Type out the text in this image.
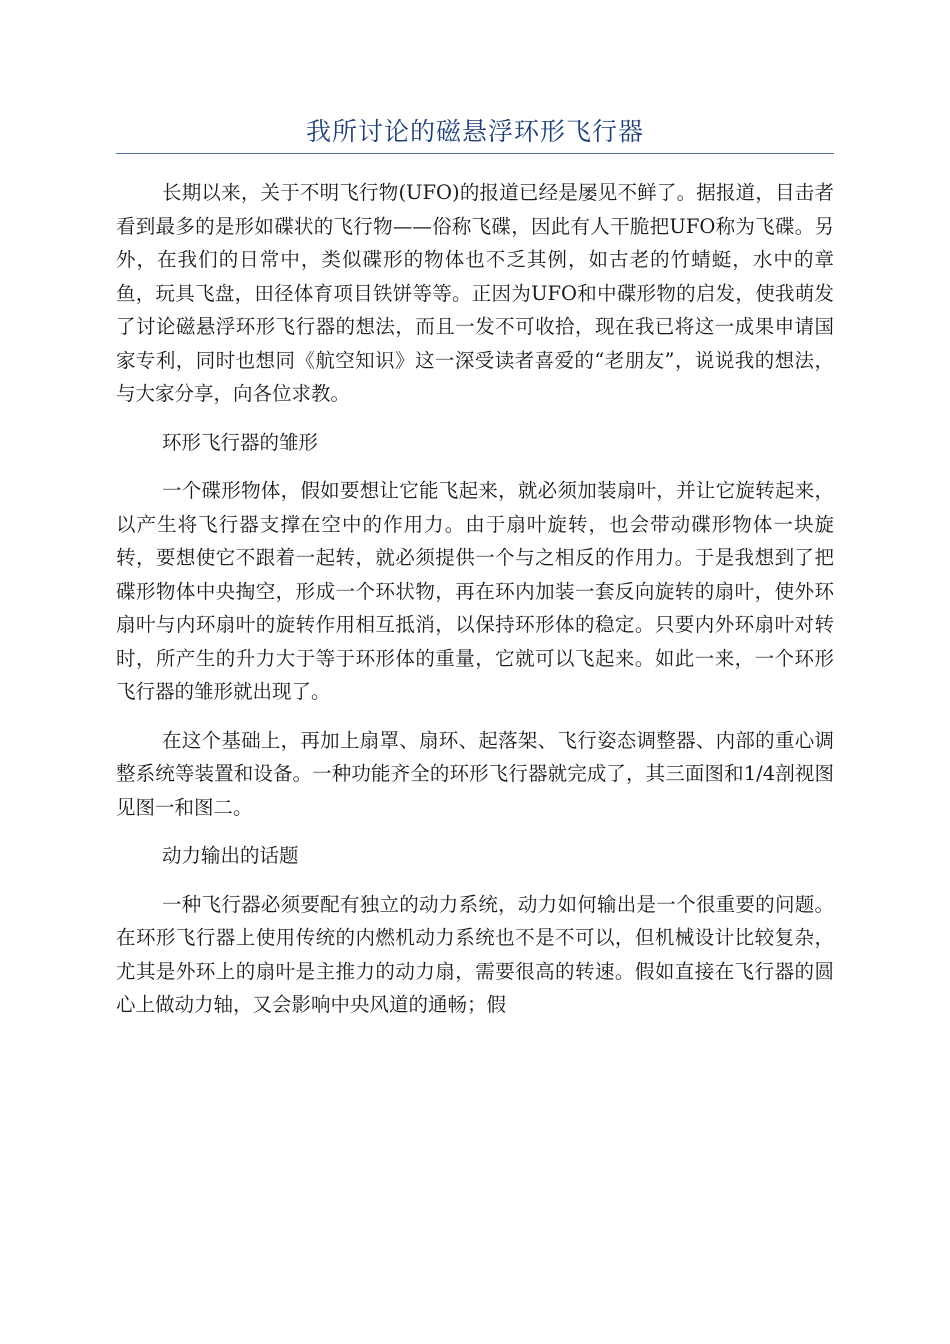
我所讨论的磁悬浮环形飞行器

长期以来，关于不明飞行物(UFO)的报道已经是屡见不鲜了。据报道，目击者看到最多的是形如碟状的飞行物——俗称飞碟，因此有人干脆把UFO称为飞碟。另外，在我们的日常中，类似碟形的物体也不乏其例，如古老的竹蜻蜓，水中的章鱼，玩具飞盘，田径体育项目铁饼等等。正因为UFO和中碟形物的启发，使我萌发了讨论磁悬浮环形飞行器的想法，而且一发不可收拾，现在我已将这一成果申请国家专利，同时也想同《航空知识》这一深受读者喜爱的“老朋友”，说说我的想法，与大家分享，向各位求教。

环形飞行器的雏形

一个碟形物体，假如要想让它能飞起来，就必须加装扇叶，并让它旋转起来，以产生将飞行器支撑在空中的作用力。由于扇叶旋转，也会带动碟形物体一块旋转，要想使它不跟着一起转，就必须提供一个与之相反的作用力。于是我想到了把碟形物体中央掏空，形成一个环状物，再在环内加装一套反向旋转的扇叶，使外环扇叶与内环扇叶的旋转作用相互抵消，以保持环形体的稳定。只要内外环扇叶对转时，所产生的升力大于等于环形体的重量，它就可以飞起来。如此一来，一个环形飞行器的雏形就出现了。

在这个基础上，再加上扇罩、扇环、起落架、飞行姿态调整器、内部的重心调整系统等装置和设备。一种功能齐全的环形飞行器就完成了，其三面图和1/4剖视图见图一和图二。

动力输出的话题

一种飞行器必须要配有独立的动力系统，动力如何输出是一个很重要的问题。在环形飞行器上使用传统的内燃机动力系统也不是不可以，但机械设计比较复杂，尤其是外环上的扇叶是主推力的动力扇，需要很高的转速。假如直接在飞行器的圆心上做动力轴，又会影响中央风道的通畅；假
